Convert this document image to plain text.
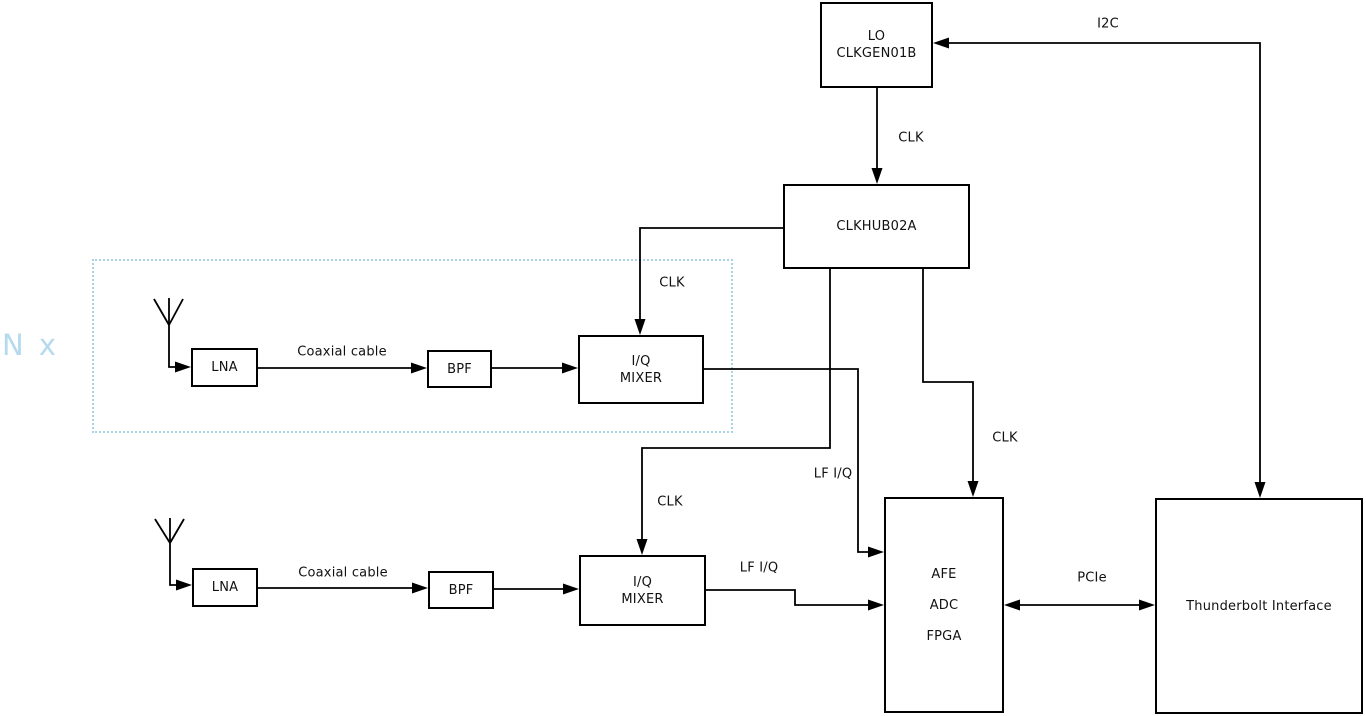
LO
CLKGEN01B
CLKHUB02A
LNA	BPF
I/Q
MIXER
LNA	BPF
I/Q
MIXER
AFE
ADC
FPGA
Thunderbolt Interface
I2C
CLK
CLK
CLK
CLK
Coaxial cable
Coaxial cable
LF I/Q
LF I/Q
PCIe
N x
